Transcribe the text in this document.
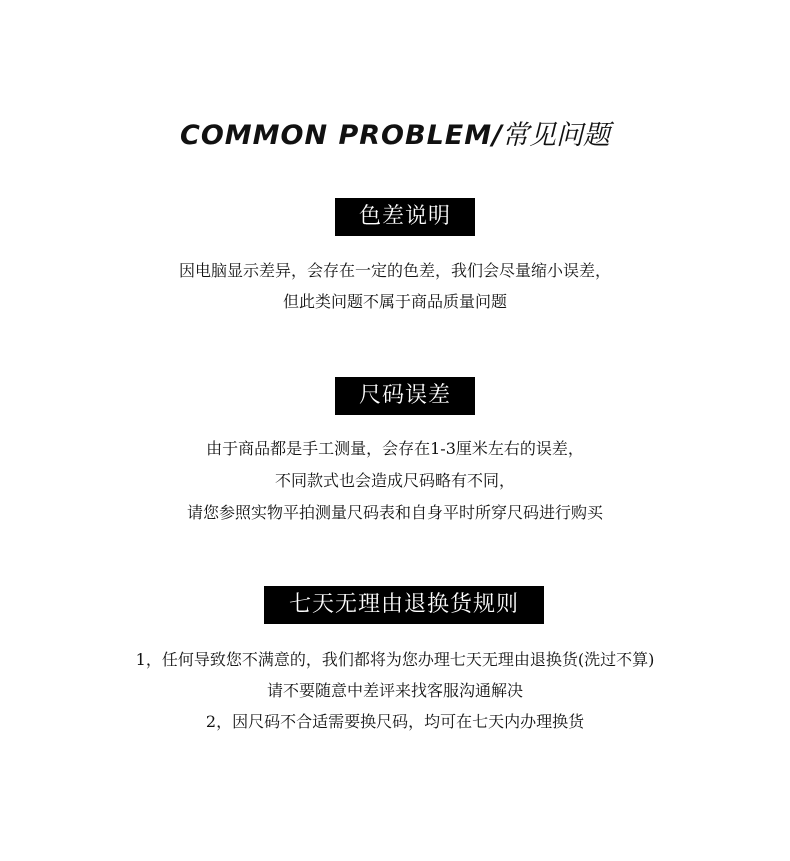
COMMON PROBLEM/常见问题
色差说明
因电脑显示差异，会存在一定的色差，我们会尽量缩小误差，
但此类问题不属于商品质量问题
尺码误差
由于商品都是手工测量，会存在1-3厘米左右的误差，
不同款式也会造成尺码略有不同，
请您参照实物平拍测量尺码表和自身平时所穿尺码进行购买
七天无理由退换货规则
1，任何导致您不满意的，我们都将为您办理七天无理由退换货(洗过不算)
请不要随意中差评来找客服沟通解决
2，因尺码不合适需要换尺码，均可在七天内办理换货
